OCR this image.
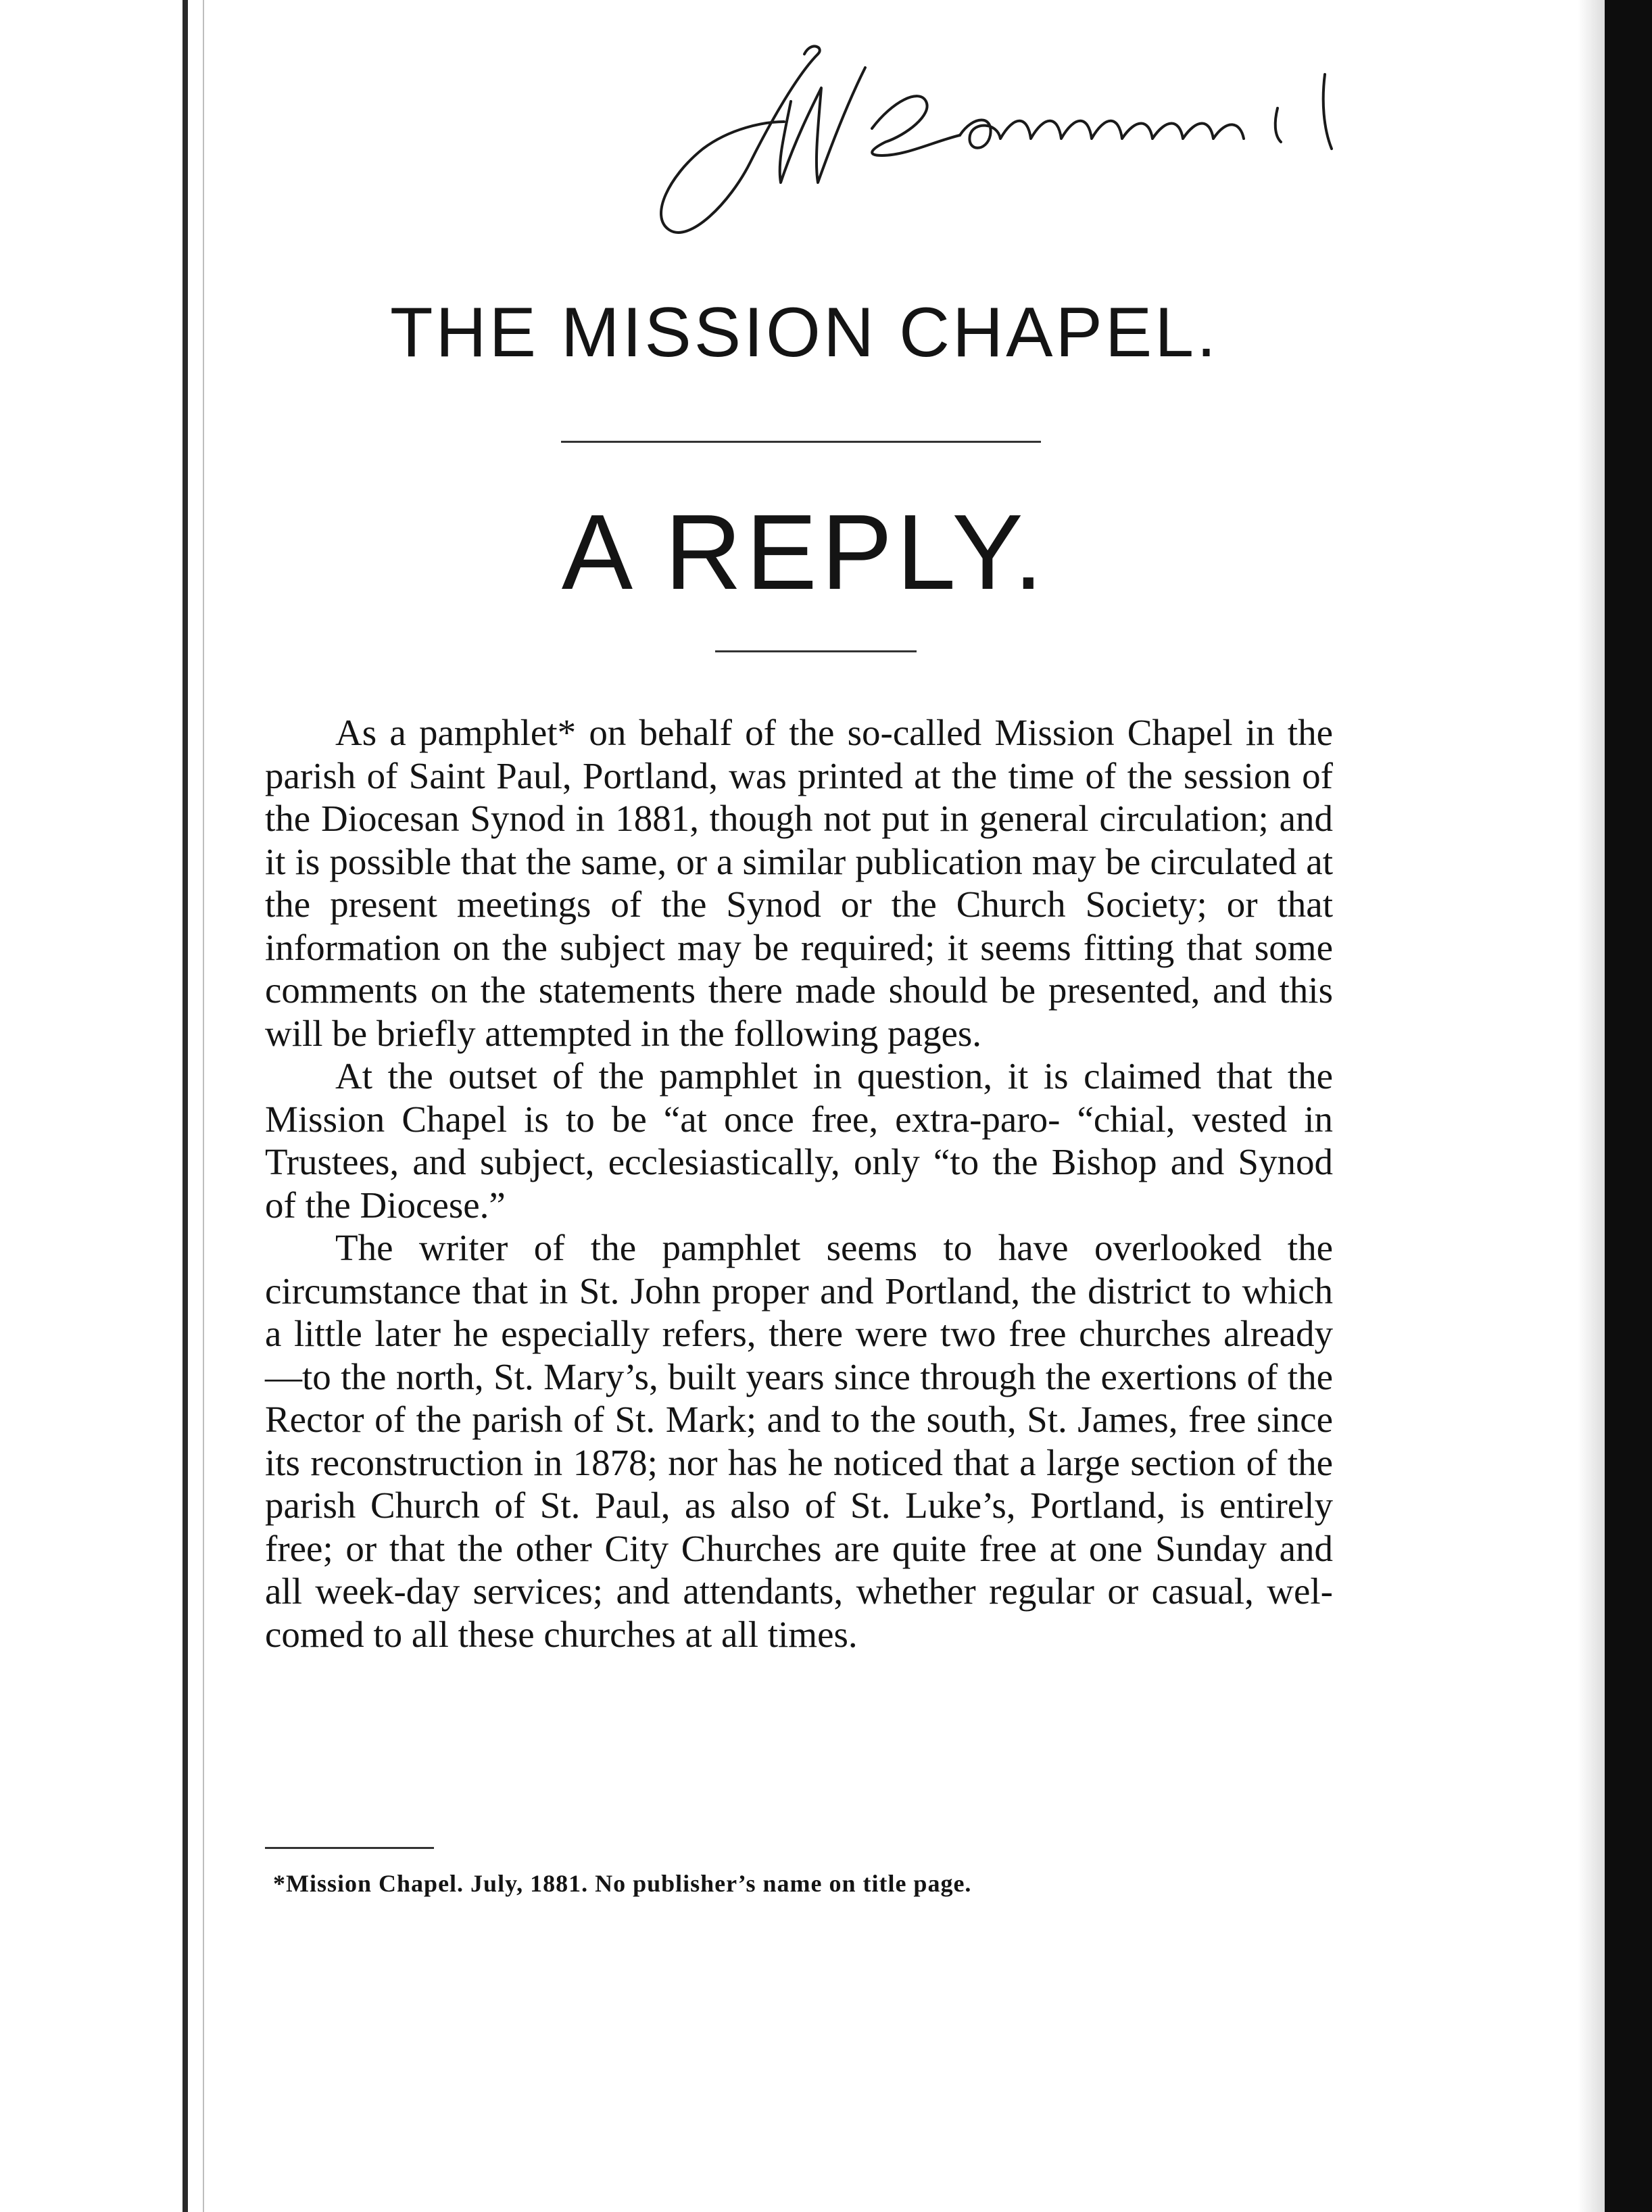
THE MISSION CHAPEL.
A REPLY.

As a pamphlet* on behalf of the so-called Mission Chapel in the parish of Saint Paul, Portland, was printed at the time of the session of the Diocesan Synod in 1881, though not put in general circulation; and it is possible that the same, or a similar publication may be circulated at the present meetings of the Synod or the Church Society; or that information on the subject may be required; it seems fitting that some comments on the statements there made should be presented, and this will be briefly attempted in the following pages.

At the outset of the pamphlet in question, it is claimed that the Mission Chapel is to be “at once free, extra-paro- “chial, vested in Trustees, and subject, ecclesiastically, only “to the Bishop and Synod of the Diocese.”

The writer of the pamphlet seems to have overlooked the circumstance that in St. John proper and Portland, the district to which a little later he especially refers, there were two free churches already—to the north, St. Mary’s, built years since through the exertions of the Rector of the parish of St. Mark; and to the south, St. James, free since its reconstruction in 1878; nor has he noticed that a large section of the parish Church of St. Paul, as also of St. Luke’s, Portland, is entirely free; or that the other City Churches are quite free at one Sunday and all week-day services; and attendants, whether regular or casual, wel- comed to all these churches at all times.

*Mission Chapel. July, 1881. No publisher’s name on title page.
